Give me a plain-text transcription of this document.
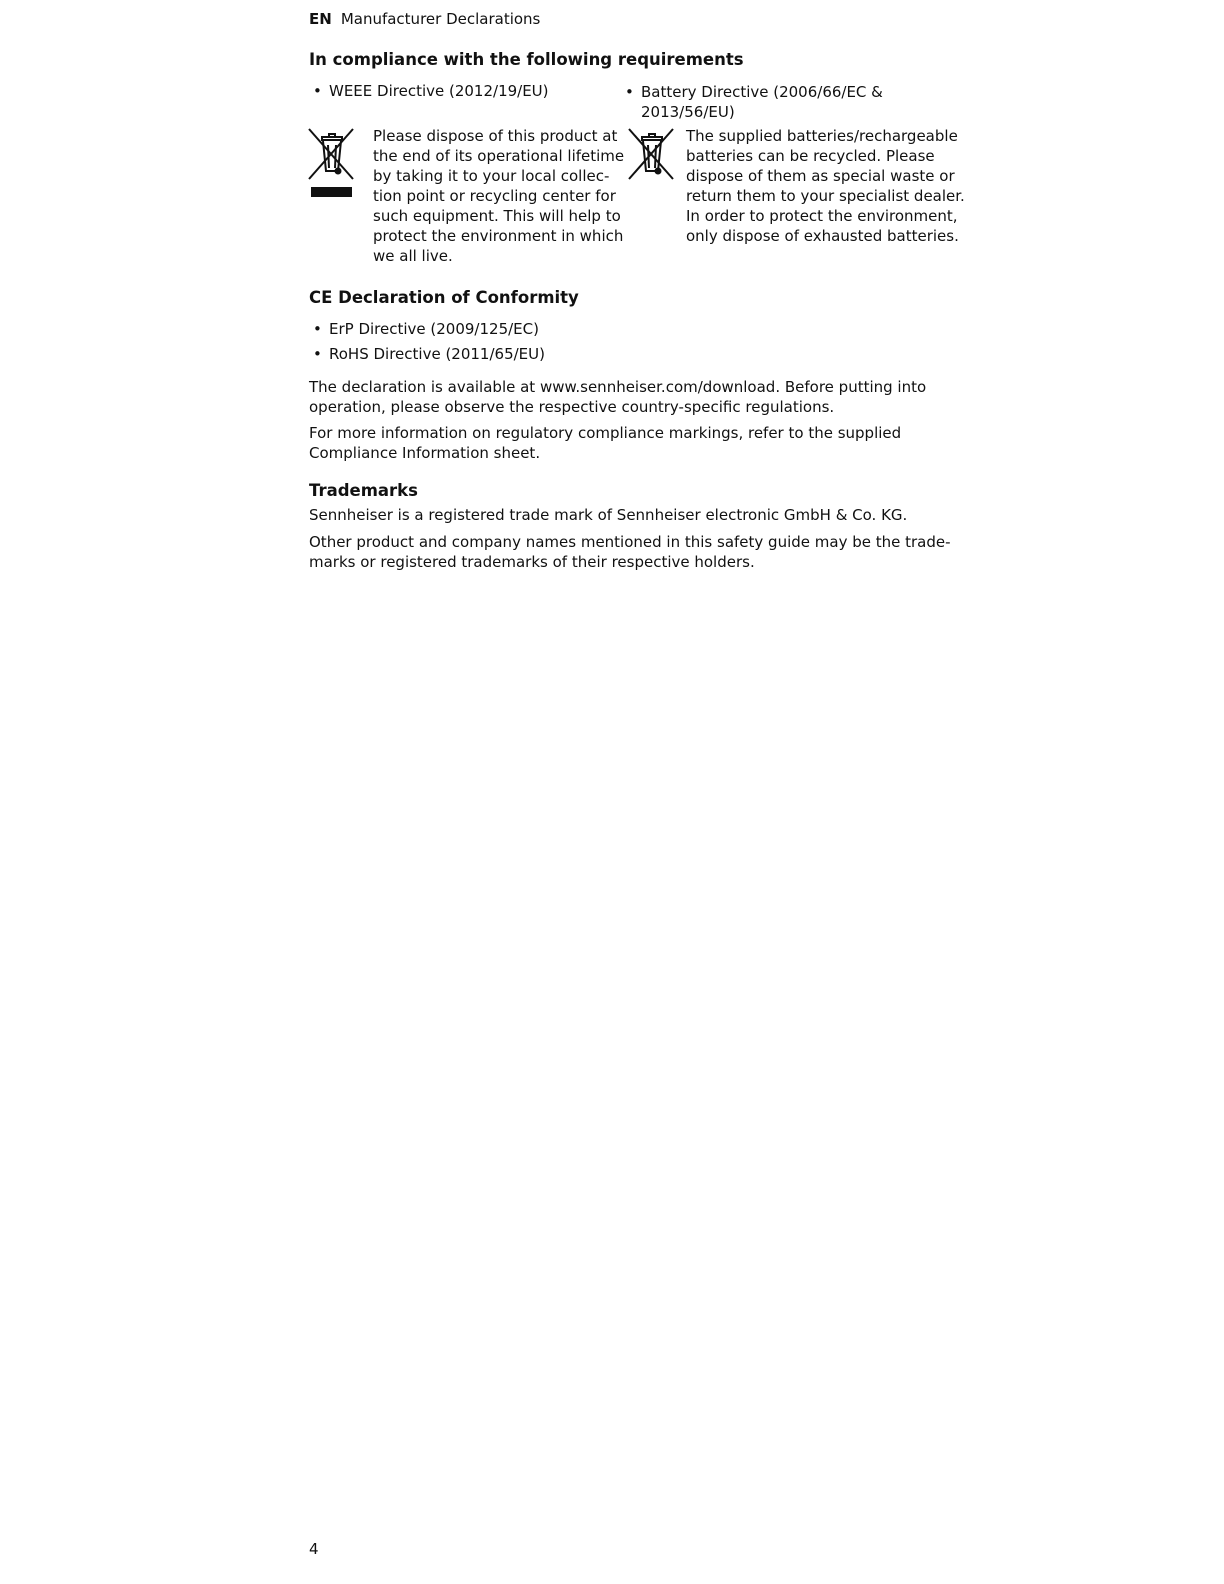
EN Manufacturer Declarations
In compliance with the following requirements
• WEEE Directive (2012/19/EU)
•	Battery Directive (2006/66/EC &
2013/56/EU)
Please dispose of this product at
the end of its operational lifetime
by taking it to your local collec-
tion point or recycling center for
such equipment. This will help to
protect the environment in which
we all live.
The supplied batteries/rechargeable
batteries can be recycled. Please
dispose of them as special waste or
return them to your specialist dealer.
In order to protect the environment,
only dispose of exhausted batteries.
CE Declaration of Conformity
• ErP Directive (2009/125/EC)
• RoHS Directive (2011/65/EU)
The declaration is available at www.sennheiser.com/download. Before putting into
operation, please observe the respective country-specific regulations.
For more information on regulatory compliance markings, refer to the supplied
Compliance Information sheet.
Trademarks
Sennheiser is a registered trade mark of Sennheiser electronic GmbH & Co. KG.
Other product and company names mentioned in this safety guide may be the trade-
marks or registered trademarks of their respective holders.
4
